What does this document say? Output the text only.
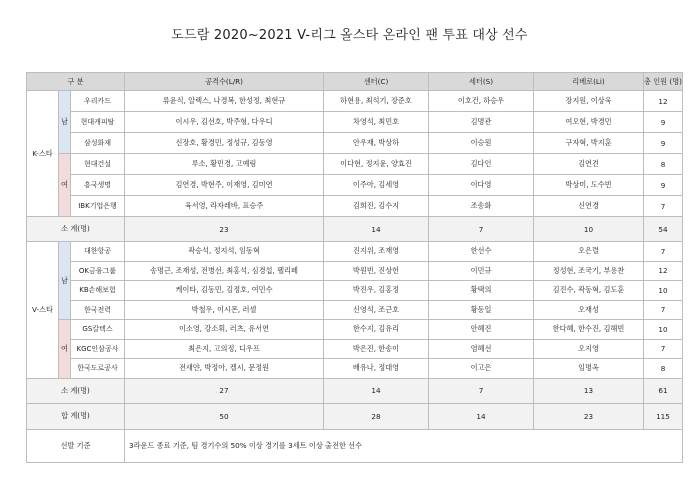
도드람 2020~2021 V-리그 올스타 온라인 팬 투표 대상 선수
구 분			공격수(L/R)	센터(C)	세터(S)	리베로(Li)	총 인원 (명)
K-스타	남	우리카드	류윤식, 알렉스, 나경복, 한성정, 최현규	하현용, 최석기, 장준호	이호건, 하승우	장지원, 이상욱	12
		현대캐피탈	이시우, 김선호, 박주형, 다우디	차영석, 최민호	김명관	여오현, 박경민	9
		삼성화재	신장호, 황경민, 정성규, 김동영	안우재, 박상하	이승원	구자혁, 박지훈	9
	여	현대건설	루소, 황민경, 고예림	이다현, 정지윤, 양효진	김다인	김연견	8
		흥국생명	김연경, 박현주, 이재영, 김미연	이주아, 김세영	이다영	박상미, 도수빈	9
		IBK기업은행	육서영, 라자레바, 표승주	김희진, 김수지	조송화	신연경	7
소 계(명)			23	14	7	10	54
V-스타	남	대한항공	곽승석, 정지석, 임동혁	진지위, 조재영	한선수	오은렬	7
		OK금융그룹	송명근, 조재성, 전병선, 최홍석, 심경섭, 펠리페	박원빈, 진상헌	이민규	정성현, 조국기, 부용찬	12
		KB손해보험	케이타, 김동민, 김정호, 여민수	박진우, 김홍정	황택의	김진수, 곽동혁, 김도훈	10
		한국전력	박철우, 이시몬, 러셀	신영석, 조근호	황동일	오재성	7
	여	GS칼텍스	이소영, 강소휘, 러츠, 유서연	한수지, 김유리	안혜진	한다혜, 한수진, 김해빈	10
		KGC인삼공사	최은지, 고의정, 디우프	박은진, 한송이	염혜선	오지영	7
		한국도로공사	전새얀, 박정아, 켈시, 문정원	배유나, 정대영	이고은	임명옥	8
소 계(명)			27	14	7	13	61
합 계(명)			50	28	14	23	115
선발 기준			3라운드 종료 기준, 팀 경기수의 50% 이상 경기를 3세트 이상 출전한 선수				
